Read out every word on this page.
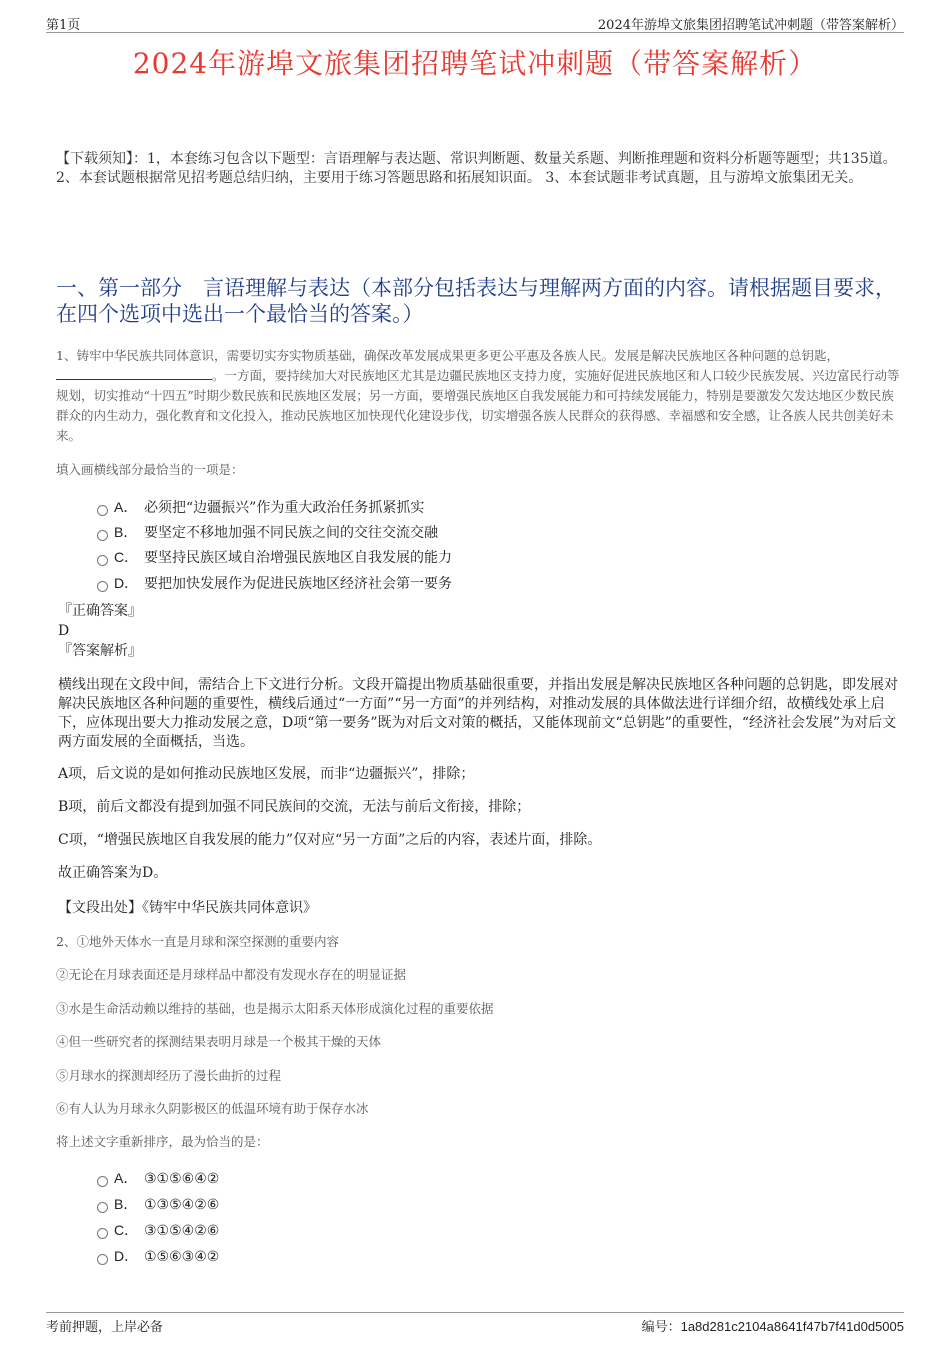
第1页	2024年游埠文旅集团招聘笔试冲刺题（带答案解析）
2024年游埠文旅集团招聘笔试冲刺题（带答案解析）
【下载须知】：1，本套练习包含以下题型：言语理解与表达题、常识判断题、数量关系题、判断推理题和资料分析题等题型；共135道。 2、本套试题根据常见招考题总结归纳，主要用于练习答题思路和拓展知识面。 3、本套试题非考试真题，且与游埠文旅集团无关。
一、第一部分　言语理解与表达（本部分包括表达与理解两方面的内容。请根据题目要求，在四个选项中选出一个最恰当的答案。）
1、铸牢中华民族共同体意识，需要切实夯实物质基础，确保改革发展成果更多更公平惠及各族人民。发展是解决民族地区各种问题的总钥匙，
。一方面，要持续加大对民族地区尤其是边疆民族地区支持力度，实施好促进民族地区和人口较少民族发展、兴边富民行动等规划，切实推动“十四五”时期少数民族和民族地区发展；另一方面，要增强民族地区自我发展能力和可持续发展能力，特别是要激发欠发达地区少数民族群众的内生动力，强化教育和文化投入，推动民族地区加快现代化建设步伐，切实增强各族人民群众的获得感、幸福感和安全感，让各族人民共创美好未来。
填入画横线部分最恰当的一项是：
A． 必须把“边疆振兴”作为重大政治任务抓紧抓实
B． 要坚定不移地加强不同民族之间的交往交流交融
C． 要坚持民族区域自治增强民族地区自我发展的能力
D． 要把加快发展作为促进民族地区经济社会第一要务
『正确答案』
D
『答案解析』
横线出现在文段中间，需结合上下文进行分析。文段开篇提出物质基础很重要，并指出发展是解决民族地区各种问题的总钥匙，即发展对解决民族地区各种问题的重要性，横线后通过“一方面”“另一方面”的并列结构，对推动发展的具体做法进行详细介绍，故横线处承上启下，应体现出要大力推动发展之意，D项“第一要务”既为对后文对策的概括，又能体现前文“总钥匙”的重要性，“经济社会发展”为对后文两方面发展的全面概括，当选。
A项，后文说的是如何推动民族地区发展，而非“边疆振兴”，排除；
B项，前后文都没有提到加强不同民族间的交流，无法与前后文衔接，排除；
C项，“增强民族地区自我发展的能力”仅对应“另一方面”之后的内容，表述片面，排除。
故正确答案为D。
【文段出处】《铸牢中华民族共同体意识》
2、①地外天体水一直是月球和深空探测的重要内容
②无论在月球表面还是月球样品中都没有发现水存在的明显证据
③水是生命活动赖以维持的基础，也是揭示太阳系天体形成演化过程的重要依据
④但一些研究者的探测结果表明月球是一个极其干燥的天体
⑤月球水的探测却经历了漫长曲折的过程
⑥有人认为月球永久阴影极区的低温环境有助于保存水冰
将上述文字重新排序，最为恰当的是：
A． ③①⑤⑥④②
B． ①③⑤④②⑥
C． ③①⑤④②⑥
D． ①⑤⑥③④②
考前押题，上岸必备	编号：1a8d281c2104a8641f47b7f41d0d5005
